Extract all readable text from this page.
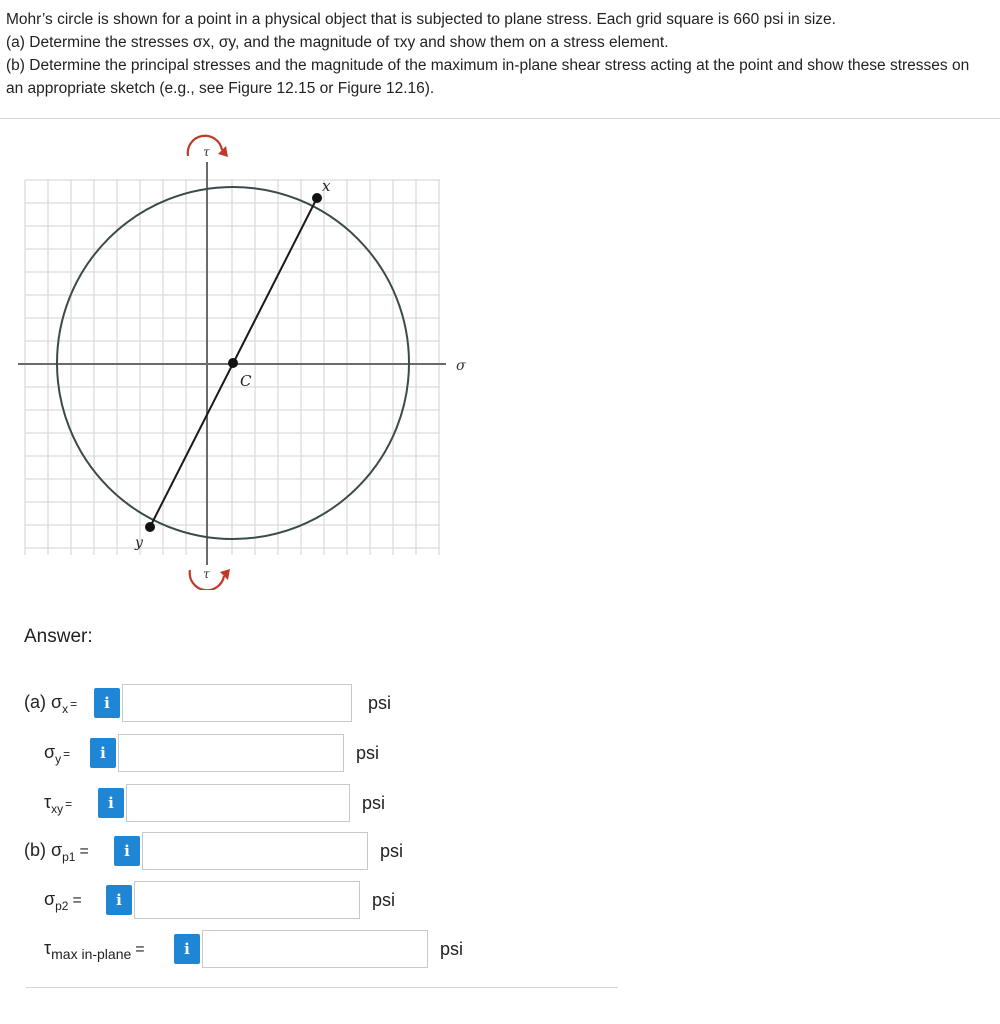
Mohr’s circle is shown for a point in a physical object that is subjected to plane stress. Each grid square is 660 psi in size.

(a) Determine the stresses σx, σy, and the magnitude of τxy and show them on a stress element.

(b) Determine the principal stresses and the magnitude of the maximum in-plane shear stress acting at the point and show these stresses on an appropriate sketch (e.g., see Figure 12.15 or Figure 12.16).

τ
τ
σ
x
y
C
Answer:
(a) $\sigma_x$ =	i	psi
$\sigma_y$ =	i	psi
$\tau_{xy}$ =	i	psi
(b) $\sigma_{p1}$ =	i	psi
$\sigma_{p2}$ =	i	psi
$\tau_{max in-plane}$ =	i	psi
